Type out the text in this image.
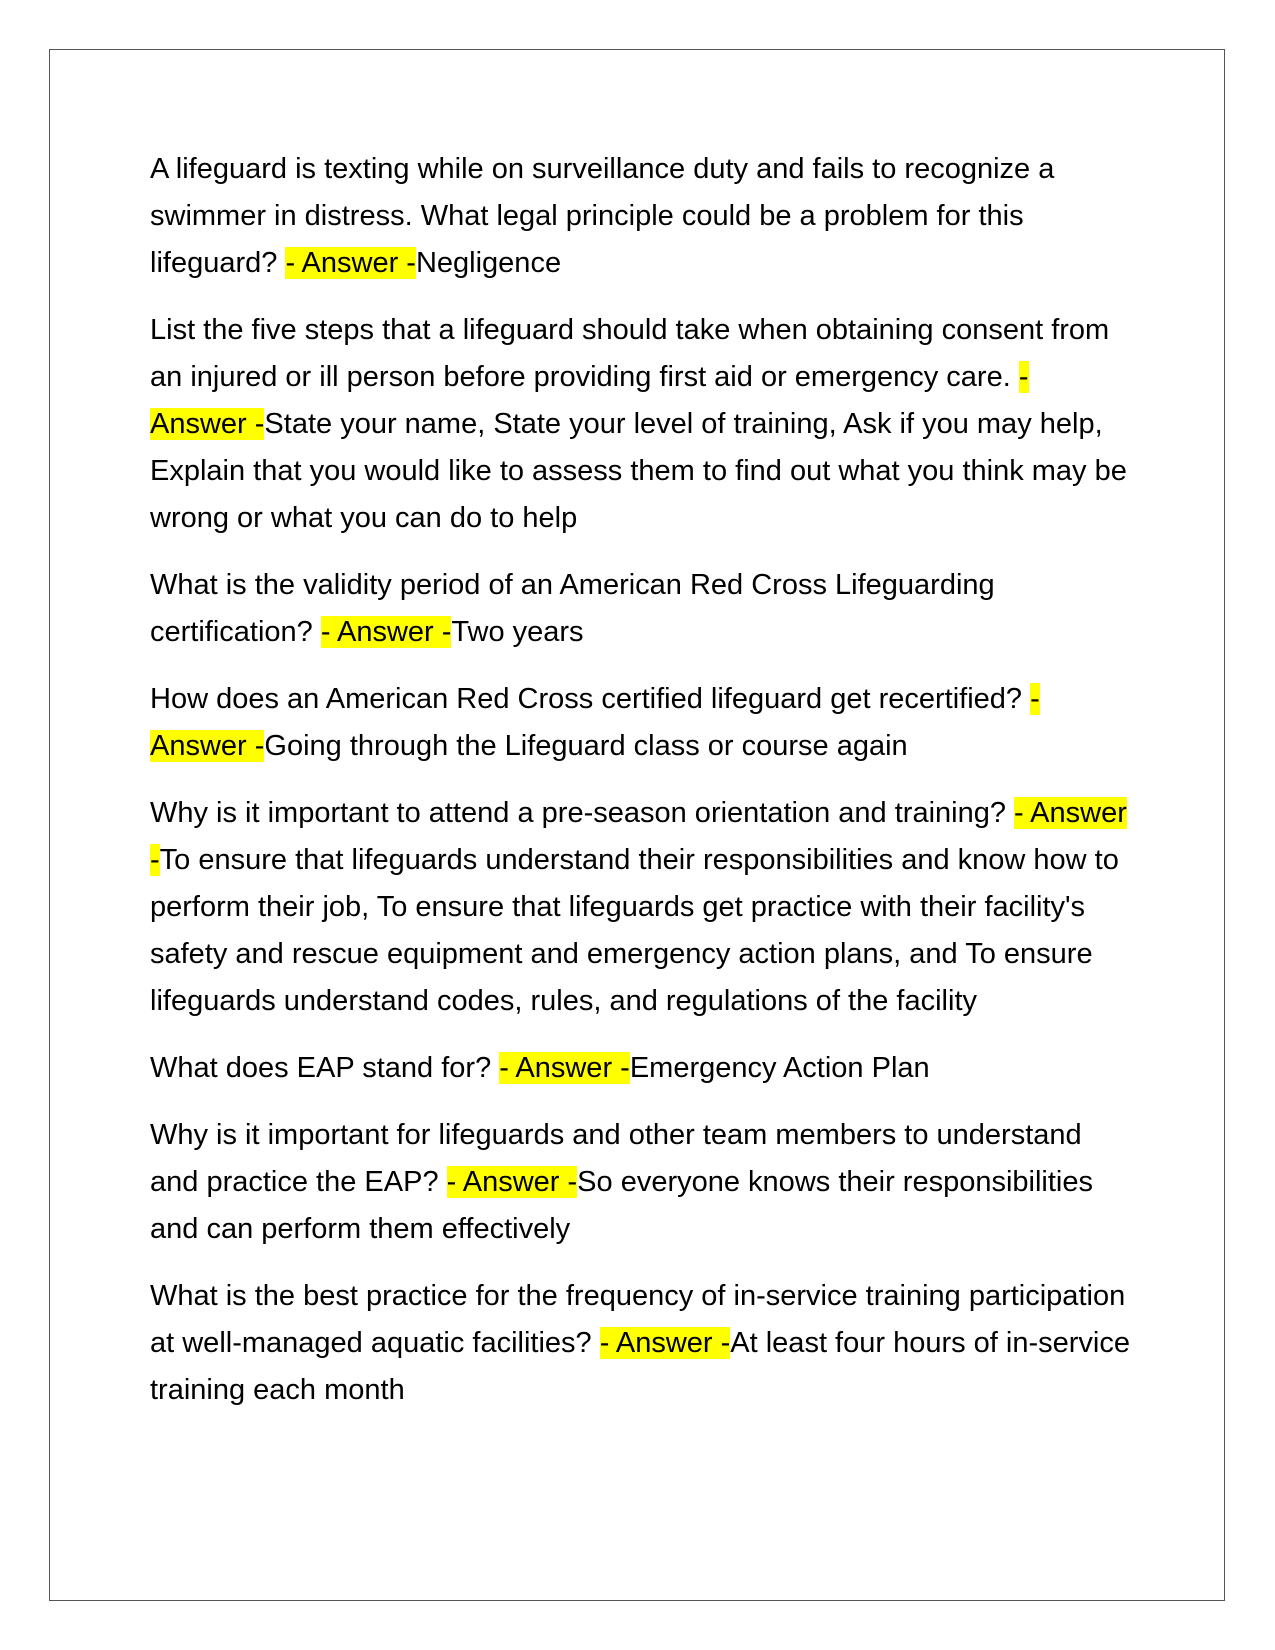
A lifeguard is texting while on surveillance duty and fails to recognize a swimmer in distress. What legal principle could be a problem for this lifeguard? - Answer -Negligence

List the five steps that a lifeguard should take when obtaining consent from an injured or ill person before providing first aid or emergency care. - Answer -State your name, State your level of training, Ask if you may help, Explain that you would like to assess them to find out what you think may be wrong or what you can do to help

What is the validity period of an American Red Cross Lifeguarding certification? - Answer -Two years

How does an American Red Cross certified lifeguard get recertified? - Answer -Going through the Lifeguard class or course again

Why is it important to attend a pre-season orientation and training? - Answer -To ensure that lifeguards understand their responsibilities and know how to perform their job, To ensure that lifeguards get practice with their facility's safety and rescue equipment and emergency action plans, and To ensure lifeguards understand codes, rules, and regulations of the facility

What does EAP stand for? - Answer -Emergency Action Plan

Why is it important for lifeguards and other team members to understand and practice the EAP? - Answer -So everyone knows their responsibilities and can perform them effectively

What is the best practice for the frequency of in-service training participation at well-managed aquatic facilities? - Answer -At least four hours of in-service training each month
